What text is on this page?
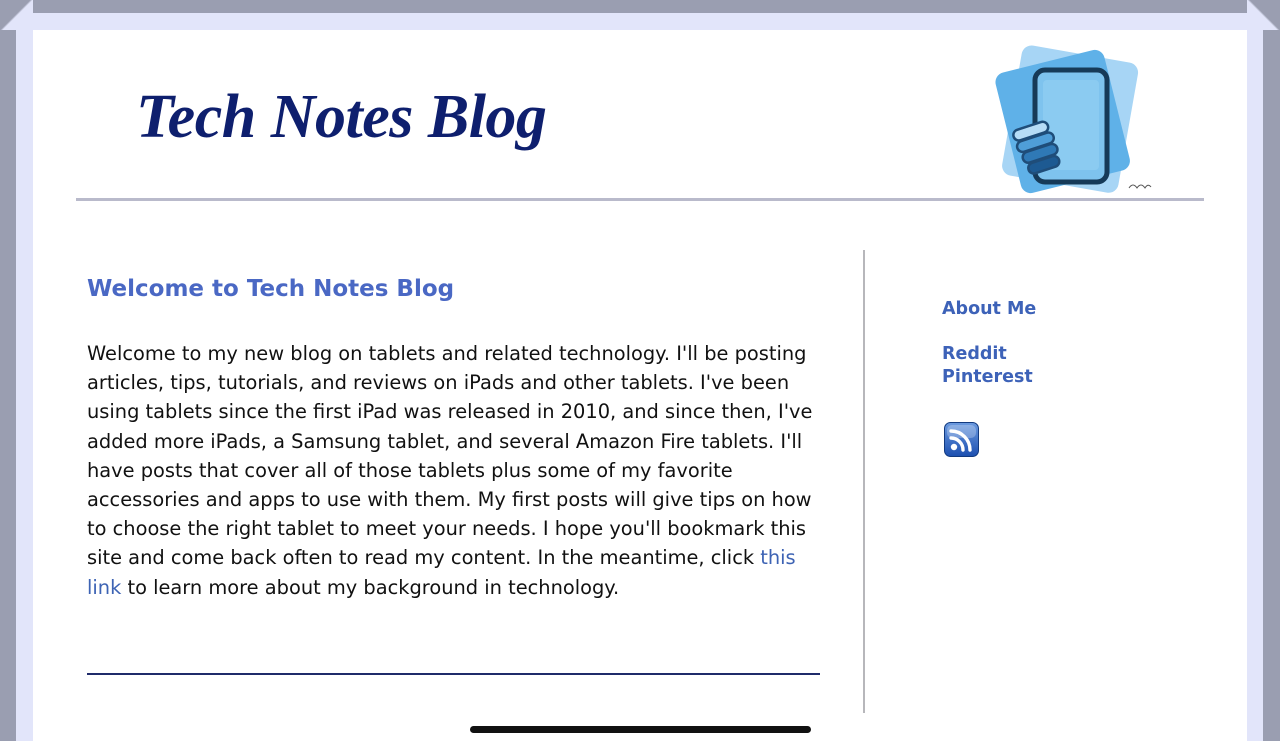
Tech Notes Blog
Welcome to Tech Notes Blog

Welcome to my new blog on tablets and related technology. I'll be posting articles, tips, tutorials, and reviews on iPads and other tablets. I've been using tablets since the first iPad was released in 2010, and since then, I've added more iPads, a Samsung tablet, and several Amazon Fire tablets. I'll have posts that cover all of those tablets plus some of my favorite accessories and apps to use with them. My first posts will give tips on how to choose the right tablet to meet your needs. I hope you'll bookmark this site and come back often to read my content. In the meantime, click this link to learn more about my background in technology.

About Me
Reddit
Pinterest
